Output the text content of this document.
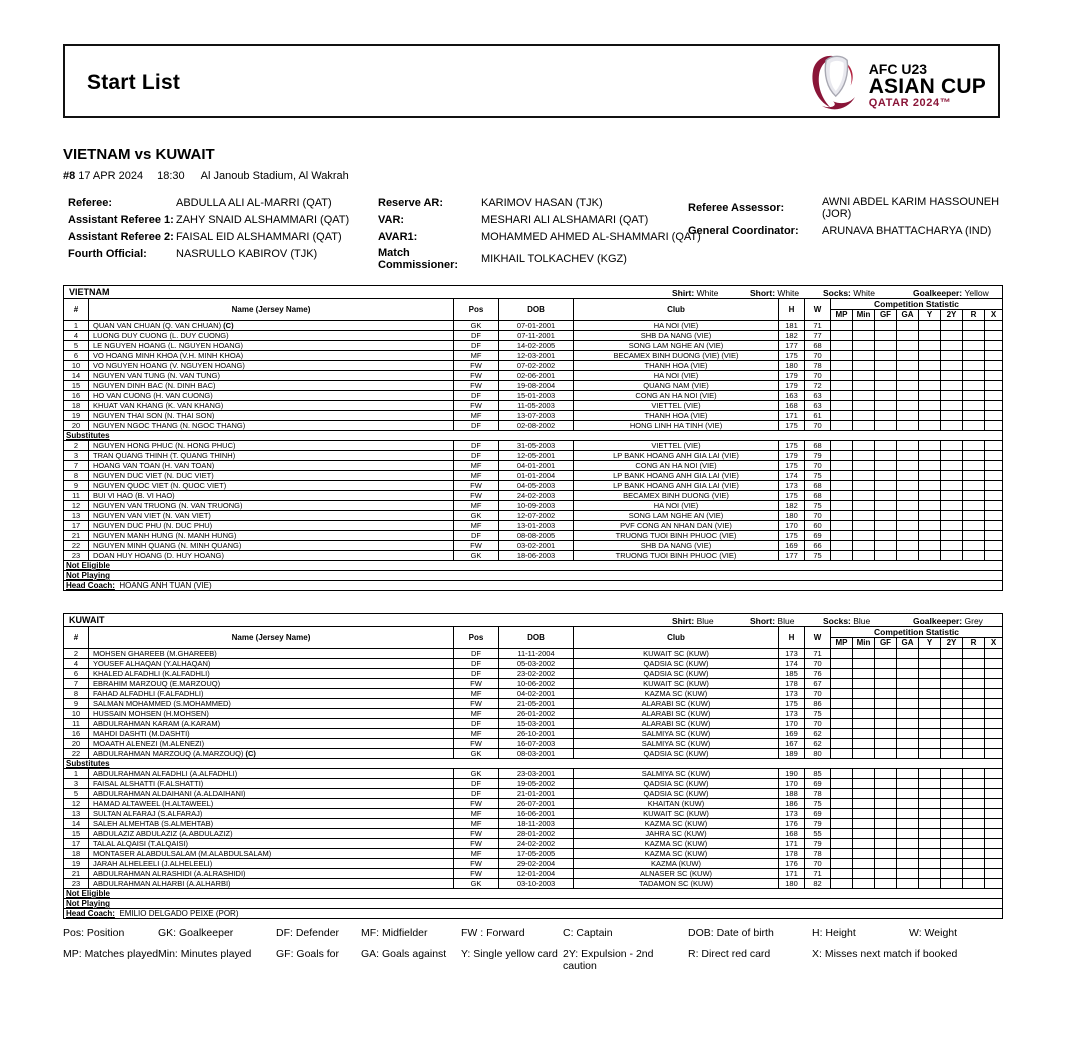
Start List
AFC U23
ASIAN CUP
QATAR 2024™
VIETNAM vs KUWAIT
#8 17 APR 2024 18:30 Al Janoub Stadium, Al Wakrah
Referee:	ABDULLA ALI AL-MARRI (QAT)
Assistant Referee 1: ZAHY SNAID ALSHAMMARI (QAT)
Assistant Referee 2: FAISAL EID ALSHAMMARI (QAT)
Fourth Official:	NASRULLO KABIROV (TJK)
Reserve AR:	KARIMOV HASAN (TJK)
VAR:	MESHARI ALI ALSHAMARI (QAT)
AVAR1:	MOHAMMED AHMED AL-SHAMMARI (QAT)
Match Commissioner:	MIKHAIL TOLKACHEV (KGZ)
Referee Assessor:	AWNI ABDEL KARIM HASSOUNEH (JOR)
General Coordinator:	ARUNAVA BHATTACHARYA (IND)
VIETNAM Shirt: White Short: White Socks: White Goalkeeper: Yellow														

#	Name (Jersey Name)	Pos	DOB	Club	H	W	Competition Statistic							
							MP	Min	GF	GA	Y	2Y	R	X
1	QUAN VAN CHUAN (Q. VAN CHUAN) (C)	GK	07-01-2001	HA NOI (VIE)	181	71								
4	LUONG DUY CUONG (L. DUY CUONG)	DF	07-11-2001	SHB DA NANG (VIE)	182	77								
5	LE NGUYEN HOANG (L. NGUYEN HOANG)	DF	14-02-2005	SONG LAM NGHE AN (VIE)	177	68								
6	VO HOANG MINH KHOA (V.H. MINH KHOA)	MF	12-03-2001	BECAMEX BINH DUONG (VIE) (VIE)	175	70								
10	VO NGUYEN HOANG (V. NGUYEN HOANG)	FW	07-02-2002	THANH HOA (VIE)	180	78								
14	NGUYEN VAN TUNG (N. VAN TUNG)	FW	02-06-2001	HA NOI (VIE)	179	70								
15	NGUYEN DINH BAC (N. DINH BAC)	FW	19-08-2004	QUANG NAM (VIE)	179	72								
16	HO VAN CUONG (H. VAN CUONG)	DF	15-01-2003	CONG AN HA NOI (VIE)	163	63								
18	KHUAT VAN KHANG (K. VAN KHANG)	FW	11-05-2003	VIETTEL (VIE)	168	63								
19	NGUYEN THAI SON (N. THAI SON)	MF	13-07-2003	THANH HOA (VIE)	171	61								
20	NGUYEN NGOC THANG (N. NGOC THANG)	DF	02-08-2002	HONG LINH HA TINH (VIE)	175	70								
Substitutes														
2	NGUYEN HONG PHUC (N. HONG PHUC)	DF	31-05-2003	VIETTEL (VIE)	175	68								
3	TRAN QUANG THINH (T. QUANG THINH)	DF	12-05-2001	LP BANK HOANG ANH GIA LAI (VIE)	179	79								
7	HOANG VAN TOAN (H. VAN TOAN)	MF	04-01-2001	CONG AN HA NOI (VIE)	175	70								
8	NGUYEN DUC VIET (N. DUC VIET)	MF	01-01-2004	LP BANK HOANG ANH GIA LAI (VIE)	174	75								
9	NGUYEN QUOC VIET (N. QUOC VIET)	FW	04-05-2003	LP BANK HOANG ANH GIA LAI (VIE)	173	68								
11	BUI VI HAO (B. VI HAO)	FW	24-02-2003	BECAMEX BINH DUONG (VIE)	175	68								
12	NGUYEN VAN TRUONG (N. VAN TRUONG)	MF	10-09-2003	HA NOI (VIE)	182	75								
13	NGUYEN VAN VIET (N. VAN VIET)	GK	12-07-2002	SONG LAM NGHE AN (VIE)	180	70								
17	NGUYEN DUC PHU (N. DUC PHU)	MF	13-01-2003	PVF CONG AN NHAN DAN (VIE)	170	60								
21	NGUYEN MANH HUNG (N. MANH HUNG)	DF	08-08-2005	TRUONG TUOI BINH PHUOC (VIE)	175	69								
22	NGUYEN MINH QUANG (N. MINH QUANG)	FW	03-02-2001	SHB DA NANG (VIE)	169	66								
23	DOAN HUY HOANG (D. HUY HOANG)	GK	18-06-2003	TRUONG TUOI BINH PHUOC (VIE)	177	75								
Not Eligible														
Not Playing														
Head Coach: HOANG ANH TUAN (VIE)														
KUWAIT Shirt: Blue Short: Blue Socks: Blue Goalkeeper: Grey														

#	Name (Jersey Name)	Pos	DOB	Club	H	W	Competition Statistic							
							MP	Min	GF	GA	Y	2Y	R	X
2	MOHSEN GHAREEB (M.GHAREEB)	DF	11-11-2004	KUWAIT SC (KUW)	173	71								
4	YOUSEF ALHAQAN (Y.ALHAQAN)	DF	05-03-2002	QADSIA SC (KUW)	174	70								
6	KHALED ALFADHLI (K.ALFADHLI)	DF	23-02-2002	QADSIA SC (KUW)	185	76								
7	EBRAHIM MARZOUQ (E.MARZOUQ)	FW	10-06-2002	KUWAIT SC (KUW)	178	67								
8	FAHAD ALFADHLI (F.ALFADHLI)	MF	04-02-2001	KAZMA SC (KUW)	173	70								
9	SALMAN MOHAMMED (S.MOHAMMED)	FW	21-05-2001	ALARABI SC (KUW)	175	86								
10	HUSSAIN MOHSEN (H.MOHSEN)	MF	26-01-2002	ALARABI SC (KUW)	173	75								
11	ABDULRAHMAN KARAM (A.KARAM)	DF	15-03-2001	ALARABI SC (KUW)	170	70								
16	MAHDI DASHTI (M.DASHTI)	MF	26-10-2001	SALMIYA SC (KUW)	169	62								
20	MOAATH ALENEZI (M.ALENEZI)	FW	16-07-2003	SALMIYA SC (KUW)	167	62								
22	ABDULRAHMAN MARZOUQ (A.MARZOUQ) (C)	GK	08-03-2001	QADSIA SC (KUW)	189	80								
Substitutes														
1	ABDULRAHMAN ALFADHLI (A.ALFADHLI)	GK	23-03-2001	SALMIYA SC (KUW)	190	85								
3	FAISAL ALSHATTI (F.ALSHATTI)	DF	19-05-2002	QADSIA SC (KUW)	170	69								
5	ABDULRAHMAN ALDAIHANI (A.ALDAIHANI)	DF	21-01-2001	QADSIA SC (KUW)	188	78								
12	HAMAD ALTAWEEL (H.ALTAWEEL)	FW	26-07-2001	KHAITAN (KUW)	186	75								
13	SULTAN ALFARAJ (S.ALFARAJ)	MF	16-06-2001	KUWAIT SC (KUW)	173	69								
14	SALEH ALMEHTAB (S.ALMEHTAB)	MF	18-11-2003	KAZMA SC (KUW)	176	79								
15	ABDULAZIZ ABDULAZIZ (A.ABDULAZIZ)	FW	28-01-2002	JAHRA SC (KUW)	168	55								
17	TALAL ALQAISI (T.ALQAISI)	FW	24-02-2002	KAZMA SC (KUW)	171	79								
18	MONTASER ALABDULSALAM (M.ALABDULSALAM)	MF	17-05-2005	KAZMA SC (KUW)	178	78								
19	JARAH ALHELEELI (J.ALHELEELI)	FW	29-02-2004	KAZMA (KUW)	176	70								
21	ABDULRAHMAN ALRASHIDI (A.ALRASHIDI)	FW	12-01-2004	ALNASER SC (KUW)	171	71								
23	ABDULRAHMAN ALHARBI (A.ALHARBI)	GK	03-10-2003	TADAMON SC (KUW)	180	82								
Not Eligible														
Not Playing														
Head Coach: EMILIO DELGADO PEIXE (POR)														
Pos: Position	GK: Goalkeeper	DF: Defender MF: Midfielder	FW : Forward	C: Captain	DOB: Date of birth	H: Height	W: Weight
MP: Matches played Min: Minutes played GF: Goals for GA: Goals against Y: Single yellow card 2Y: Expulsion - 2nd caution
R: Direct red card	X: Misses next match if booked
